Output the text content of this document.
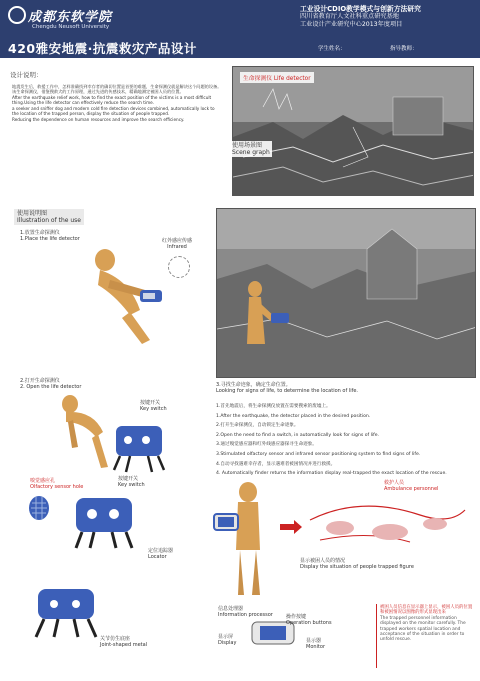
成都东软学院
Chengdu Neusoft University
工业设计CDIO教学模式与创新方法研究
四川省教育厅人文社科重点研究基地
工业设计产业研究中心2013年度项目
420雅安地震·抗震救灾产品设计	学生姓名：	指导教师：
设计说明：
地震发生后，救援工作中，怎样准确找到幸存者的确切位置是首要的难题，生命探测仪就是解决这个问题的设备。该生命探测仪，借鉴搜救犬的工作原理，通过先进的传感技术，精确地测定被困人员的位置。
After the earthquake relief work, how to find the exact position of the victims is a most difficult thing.Using the life detector can effectively reduce the search time.
a seeker and sniffer dog and modern cold fire detection devices combined, automatically lock to the location of the trapped person, display the situation of people trapped.
Reducing the dependence on human resources and improve the search efficiency.
生命探测仪 Life detector
使用场景图
Scene graph
使用说明图
Illustration of the use
1.放置生命探测仪
1.Place the life detector	红外感应传感
Infrared
2.打开生命探测仪
2. Open the life detector
按键开关
Key switch
3.寻找生命迹象，确定生命位置。
Looking for signs of life, to determine the location of life.
1.首先地震后，将生命探测仪放置在需要搜索的废墟上。
1.After the earthquake, the detector placed in the desired position.
2.打开生命探测仪，自动锁定生命迹象。
2.Open the need to find a switch, in automatically look for signs of life.
3.通过嗅觉感应器和红外线感应器探寻生命迹象。
3.Stimulated olfactory sensor and infrared sensor positioning system to find signs of life.
4.自动寻找遇难幸存者，显示遇难者被困情况并进行救援。
4. Automatically finder returns the information display real-trapped the exact location of the rescue.
嗅觉感应孔
Olfactory sensor hole
按键开关
Key switch
定位追踪器
Locator
救护人员
Ambulance personnel
显示被困人员的情况
Display the situation of people trapped figure
关节仿生底座
Joint-shaped metal
信息处理器
Information processor	操作按键
Operation buttons
显示屏
Display	显示器
Monitor
被困人员信息在显示器上显示，被困人员的位置和被困情况以图像的形式显现出来
The trapped personnel information displayed on the monitor carefully. The trapped workers spatial location and acceptance of the situation in order to unfold rescue.
